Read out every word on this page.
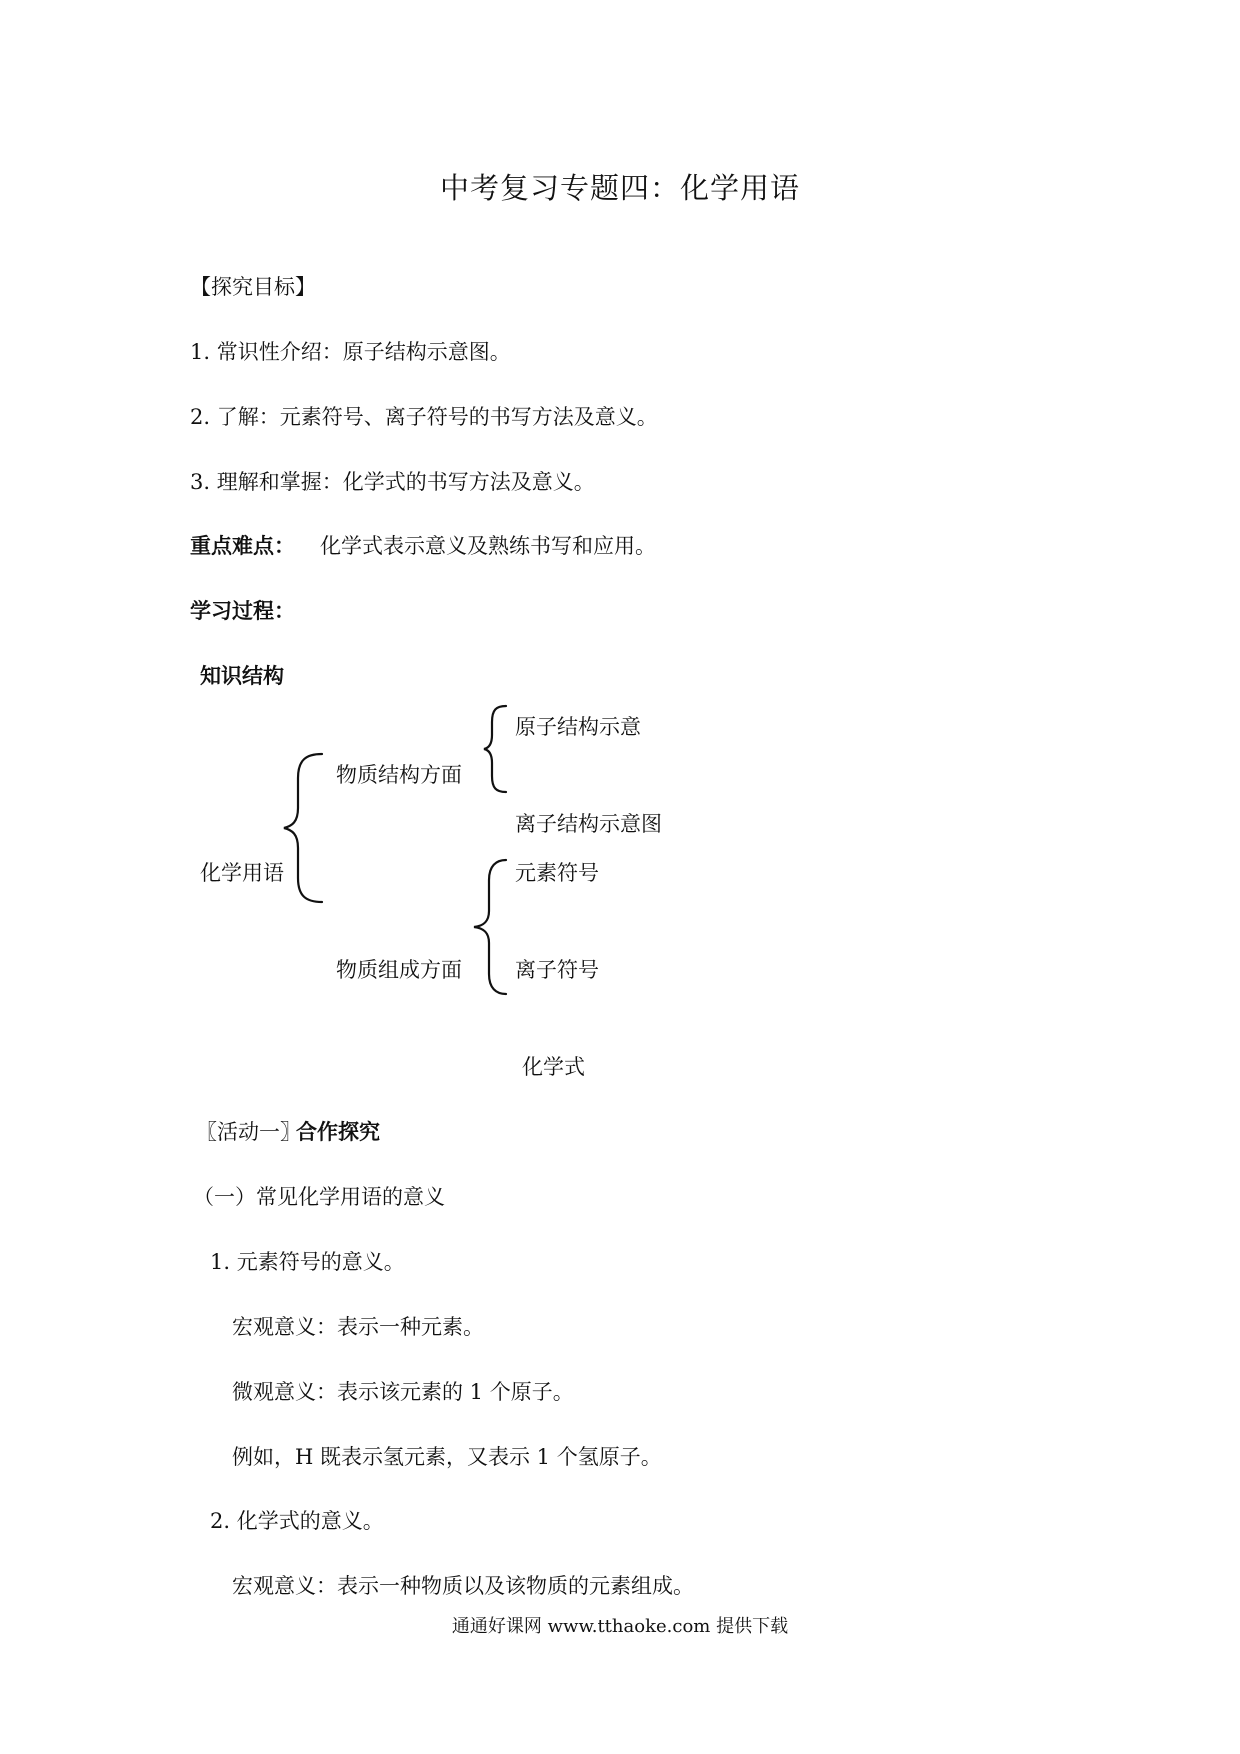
中考复习专题四：化学用语
【探究目标】
1. 常识性介绍：原子结构示意图。
2. 了解：元素符号、离子符号的书写方法及意义。
3. 理解和掌握：化学式的书写方法及意义。
重点难点： 化学式表示意义及熟练书写和应用。
学习过程：
知识结构
化学用语
物质结构方面
原子结构示意
离子结构示意图
元素符号
物质组成方面	离子符号
化学式
〖活动一〗
合作探究
（一）常见化学用语的意义
1. 元素符号的意义。
宏观意义：表示一种元素。
微观意义：表示该元素的 1 个原子。
例如，H 既表示氢元素，又表示 1 个氢原子。
2. 化学式的意义。
宏观意义：表示一种物质以及该物质的元素组成。
通通好课网 www.tthaoke.com 提供下载
